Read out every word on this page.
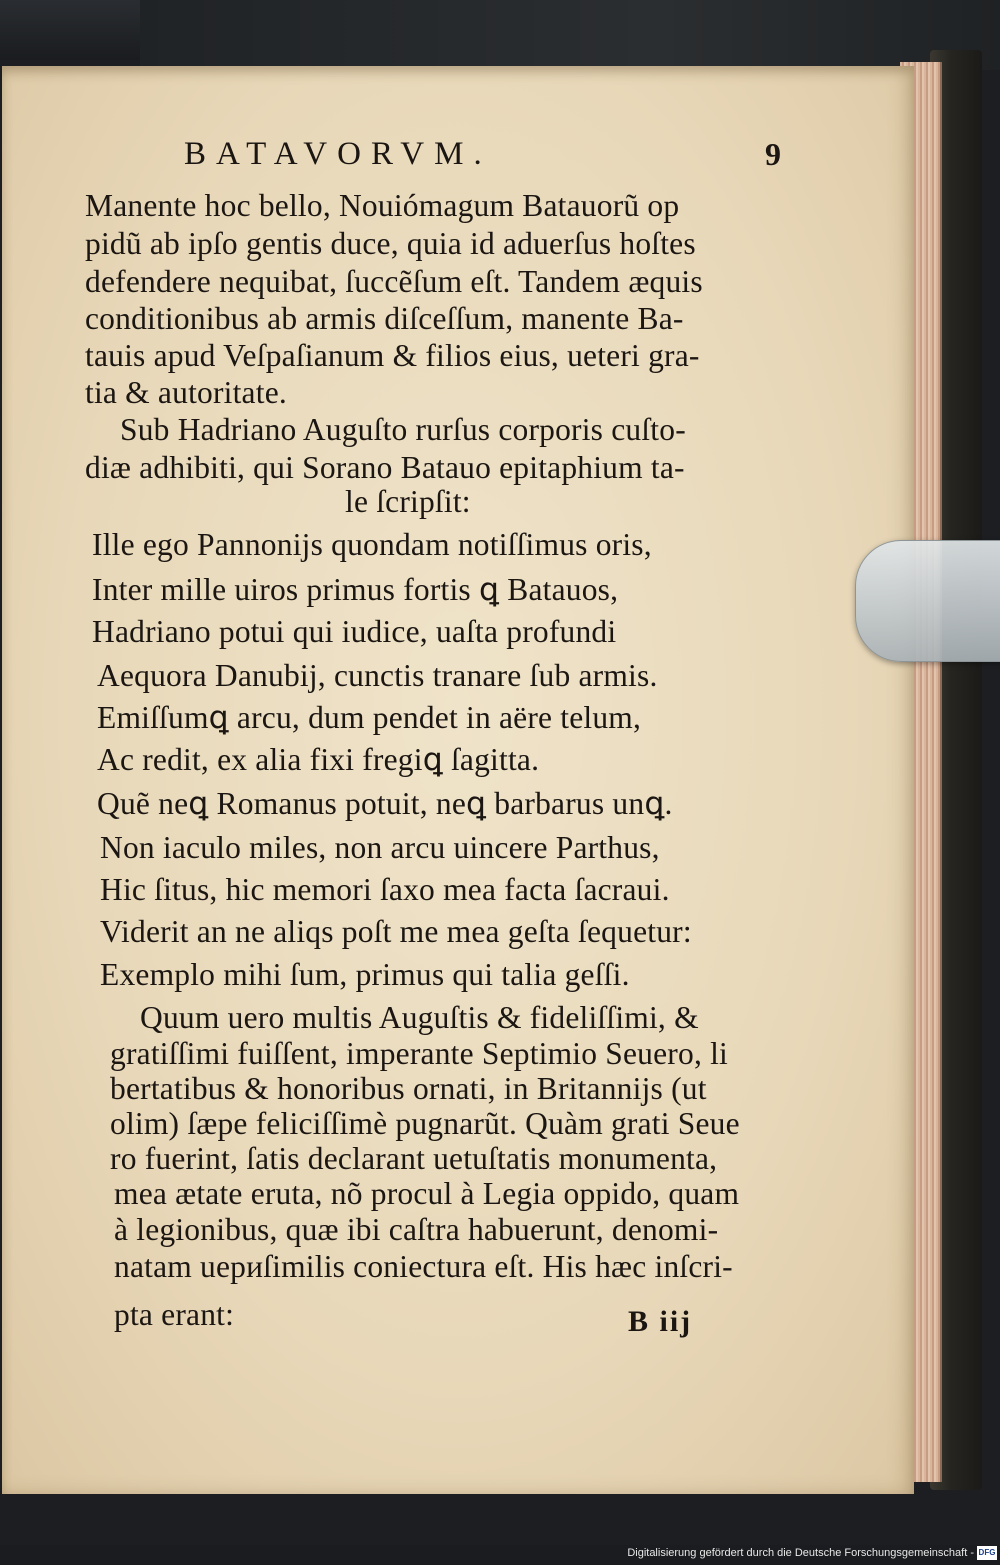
BATAVORVM.	9
Manente hoc bello, Nouiómagum Batauorũ op
pidũ ab ipſo gentis duce, quia id aduerſus hoſtes
defendere nequibat, ſuccẽſum eſt. Tandem æquis
conditionibus ab armis diſceſſum, manente Ba-
tauis apud Veſpaſianum & filios eius, ueteri gra-
tia & autoritate.
Sub Hadriano Auguſto rurſus corporis cuſto-
diæ adhibiti, qui Sorano Batauo epitaphium ta-
le ſcripſit:
Ille ego Pannonijs quondam notiſſimus oris,
Inter mille uiros primus fortis ꝗ Batauos,
Hadriano potui qui iudice, uaſta profundi
Aequora Danubij, cunctis tranare ſub armis.
Emiſſumꝗ arcu, dum pendet in aëre telum,
Ac redit, ex alia fixi fregiꝗ ſagitta.
Quẽ neꝗ Romanus potuit, neꝗ barbarus unꝗ.
Non iaculo miles, non arcu uincere Parthus,
Hic ſitus, hic memori ſaxo mea facta ſacraui.
Viderit an ne aliqs poſt me mea geſta ſequetur:
Exemplo mihi ſum, primus qui talia geſſi.
Quum uero multis Auguſtis & fideliſſimi, &
gratiſſimi fuiſſent, imperante Septimio Seuero, li
bertatibus & honoribus ornati, in Britannijs (ut
olim) ſæpe feliciſſimè pugnarũt. Quàm grati Seue
ro fuerint, ſatis declarant uetuſtatis monumenta,
mea ætate eruta, nõ procul à Legia oppido, quam
à legionibus, quæ ibi caſtra habuerunt, denomi-
natam uериſimilis coniectura eſt. His hæc inſcri-
pta erant:	B iij
Digitalisierung gefördert durch die Deutsche Forschungsgemeinschaft - DFG
